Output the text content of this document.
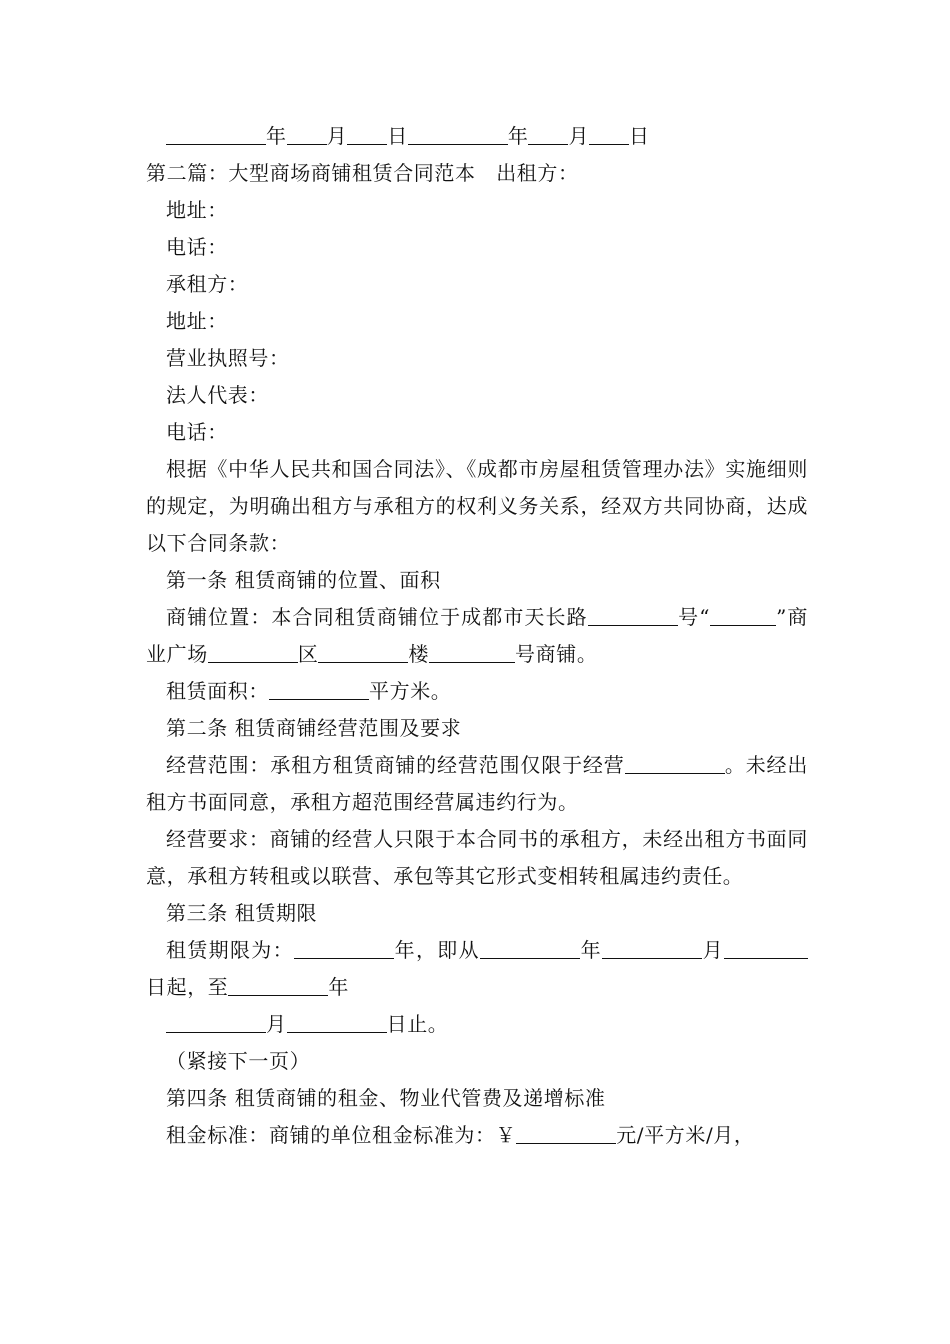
年 月 日	年 月 日
第二篇：大型商场商铺租赁合同范本　出租方：
地址：
电话：
承租方：
地址：
营业执照号：
法人代表：
电话：
根据《中华人民共和国合同法》、《成都市房屋租赁管理办法》实施细则的规定，为明确出租方与承租方的权利义务关系，经双方共同协商，达成以下合同条款：
第一条 租赁商铺的位置、面积
商铺位置：本合同租赁商铺位于成都市天长路	号“	”商业广场	区	楼	号商铺。
租赁面积：	平方米。
第二条 租赁商铺经营范围及要求
经营范围：承租方租赁商铺的经营范围仅限于经营	。未经出租方书面同意，承租方超范围经营属违约行为。
经营要求：商铺的经营人只限于本合同书的承租方，未经出租方书面同意，承租方转租或以联营、承包等其它形式变相转租属违约责任。
第三条 租赁期限
租赁期限为：	年，即从	年	月日起，至	年
月	日止。
（紧接下一页）
第四条 租赁商铺的租金、物业代管费及递增标准
租金标准：商铺的单位租金标准为：￥	元/平方米/月，
